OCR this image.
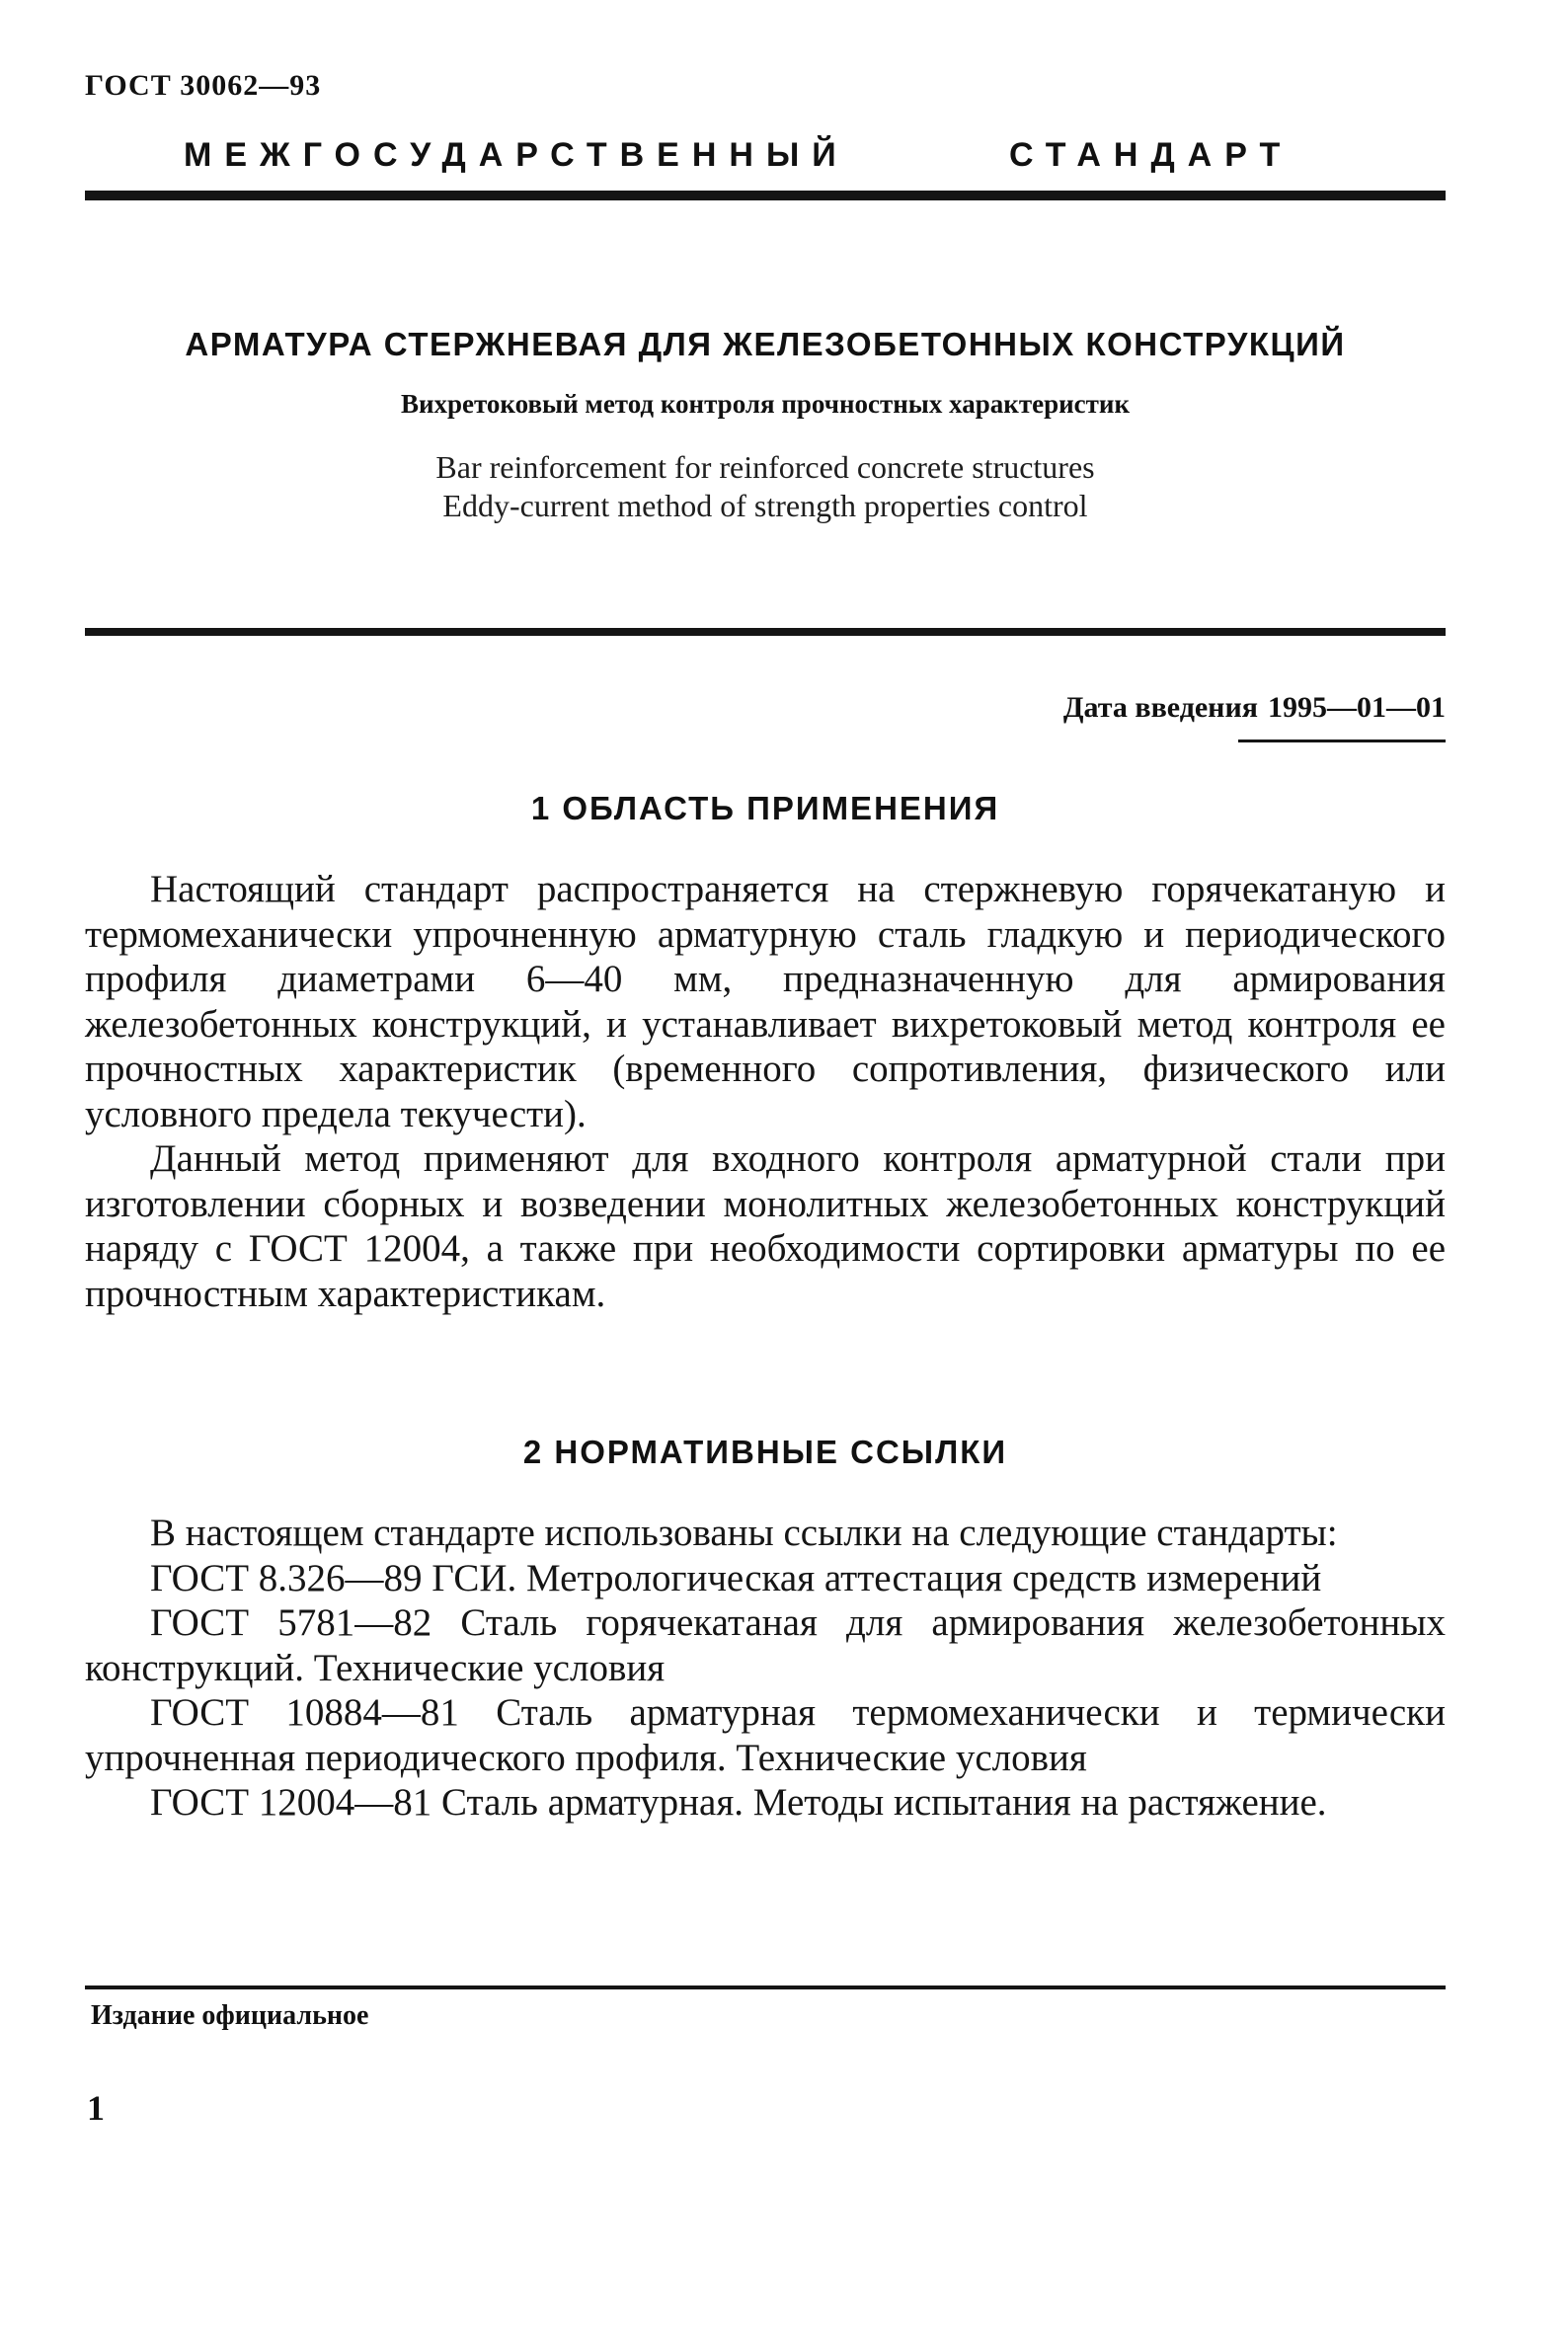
ГОСТ 30062—93
МЕЖГОСУДАРСТВЕННЫЙ	СТАНДАРТ
АРМАТУРА СТЕРЖНЕВАЯ ДЛЯ ЖЕЛЕЗОБЕТОННЫХ КОНСТРУКЦИЙ
Вихретоковый метод контроля прочностных характеристик
Bar reinforcement for reinforced concrete structures
Eddy-current method of strength properties control
Дата введения 1995—01—01
1 ОБЛАСТЬ ПРИМЕНЕНИЯ

Настоящий стандарт распространяется на стержневую горячекатаную и термомеханически упрочненную арматурную сталь гладкую и периодического профиля диаметрами 6—40 мм, предназначенную для армирования железобетонных конструкций, и устанавливает вихретоковый метод контроля ее прочностных характеристик (временного сопротивления, физического или условного предела текучести).

Данный метод применяют для входного контроля арматурной стали при изготовлении сборных и возведении монолитных железобетонных конструкций наряду с ГОСТ 12004, а также при необходимости сортировки арматуры по ее прочностным характеристикам.

2 НОРМАТИВНЫЕ ССЫЛКИ

В настоящем стандарте использованы ссылки на следующие стандарты:

ГОСТ 8.326—89 ГСИ. Метрологическая аттестация средств измерений

ГОСТ 5781—82 Сталь горячекатаная для армирования железобетонных конструкций. Технические условия

ГОСТ 10884—81 Сталь арматурная термомеханически и термически упрочненная периодического профиля. Технические условия

ГОСТ 12004—81 Сталь арматурная. Методы испытания на растяжение.

Издание официальное
1
